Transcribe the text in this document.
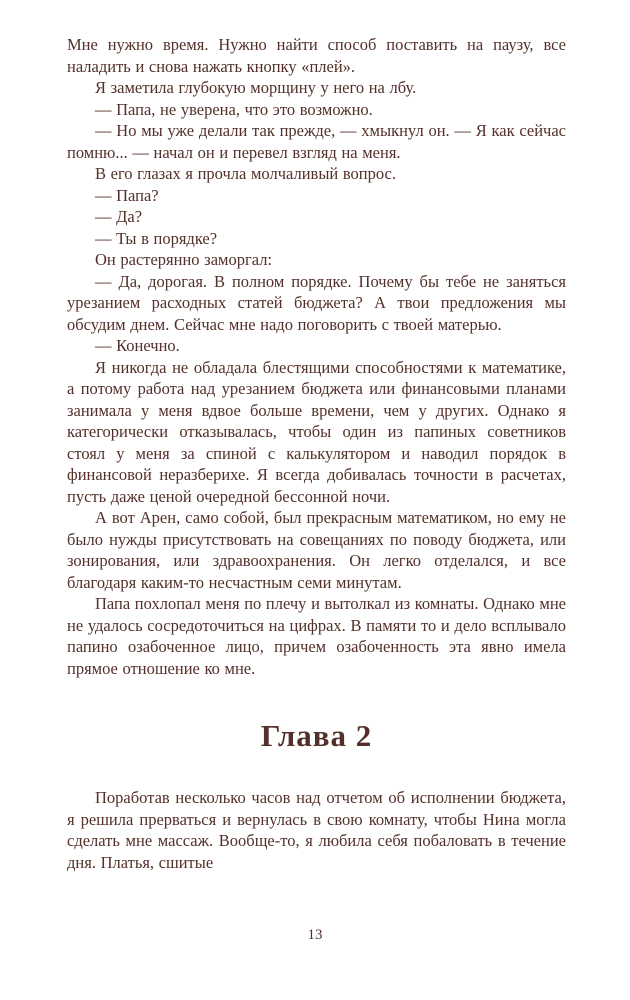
Мне нужно время. Нужно найти способ поставить на паузу, все наладить и снова нажать кнопку «плей».

Я заметила глубокую морщину у него на лбу.

— Папа, не уверена, что это возможно.

— Но мы уже делали так прежде, — хмыкнул он. — Я как сейчас помню... — начал он и перевел взгляд на меня.

В его глазах я прочла молчаливый вопрос.

— Папа?

— Да?

— Ты в порядке?

Он растерянно заморгал:

— Да, дорогая. В полном порядке. Почему бы тебе не заняться урезанием расходных статей бюджета? А твои предложения мы обсудим днем. Сейчас мне надо поговорить с твоей матерью.

— Конечно.

Я никогда не обладала блестящими способностями к математике, а потому работа над урезанием бюджета или финансовыми планами занимала у меня вдвое больше времени, чем у других. Однако я категорически отказывалась, чтобы один из папиных советников стоял у меня за спиной с калькулятором и наводил порядок в финансовой неразберихе. Я всегда добивалась точности в расчетах, пусть даже ценой очередной бессонной ночи.

А вот Арен, само собой, был прекрасным математиком, но ему не было нужды присутствовать на совещаниях по поводу бюджета, или зонирования, или здравоохранения. Он легко отделался, и все благодаря каким-то несчастным семи минутам.

Папа похлопал меня по плечу и вытолкал из комнаты. Однако мне не удалось сосредоточиться на цифрах. В памяти то и дело всплывало папино озабоченное лицо, причем озабоченность эта явно имела прямое отношение ко мне.

Глава 2

Поработав несколько часов над отчетом об исполнении бюджета, я решила прерваться и вернулась в свою комнату, чтобы Нина могла сделать мне массаж. Вообще-то, я любила себя побаловать в течение дня. Платья, сшитые

13
